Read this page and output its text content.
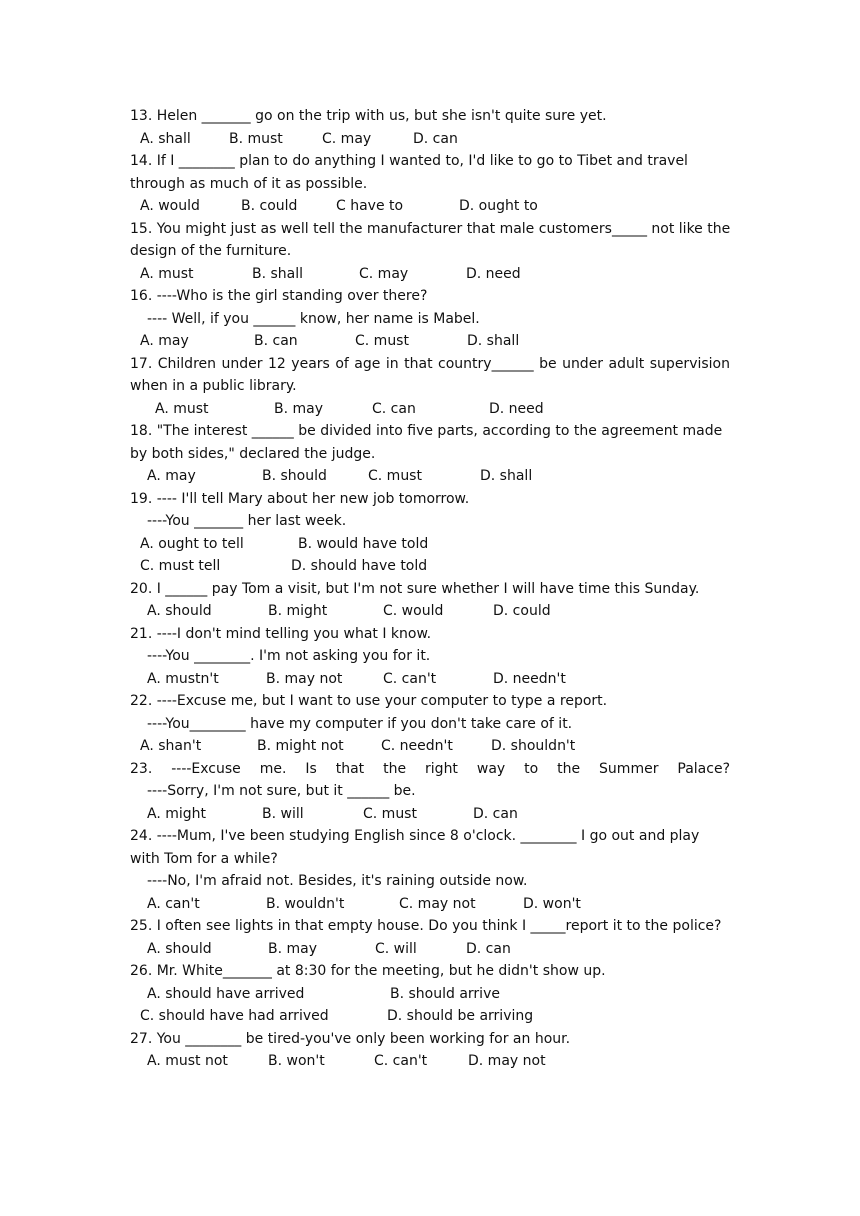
13. Helen _______ go on the trip with us, but she isn't quite sure yet.
A. shall	B. must	C. may	D. can
14. If I ________ plan to do anything I wanted to, I'd like to go to Tibet and travel
through as much of it as possible.
A. would	B. could	C have to	D. ought to
15. You might just as well tell the manufacturer that male customers_____ not like the
design of the furniture.
A. must	B. shall	C. may	D. need
16. ----Who is the girl standing over there?
---- Well, if you ______ know, her name is Mabel.
A. may	B. can	C. must	D. shall
17. Children under 12 years of age in that country______ be under adult supervision
when in a public library.
A. must	B. may	C. can	D. need
18. "The interest ______ be divided into five parts, according to the agreement made
by both sides," declared the judge.
A. may	B. should	C. must	D. shall
19. ---- I'll tell Mary about her new job tomorrow.
----You _______ her last week.
A. ought to tell	B. would have told
C. must tell	D. should have told
20. I ______ pay Tom a visit, but I'm not sure whether I will have time this Sunday.
A. should	B. might	C. would	D. could
21. ----I don't mind telling you what I know.
----You ________. I'm not asking you for it.
A. mustn't	B. may not	C. can't	D. needn't
22. ----Excuse me, but I want to use your computer to type a report.
----You________ have my computer if you don't take care of it.
A. shan't	B. might not	C. needn't	D. shouldn't
23. ----Excuse me. Is that the right way to the Summer Palace?
----Sorry, I'm not sure, but it ______ be.
A. might	B. will	C. must	D. can
24. ----Mum, I've been studying English since 8 o'clock. ________ I go out and play
with Tom for a while?
----No, I'm afraid not. Besides, it's raining outside now.
A. can't	B. wouldn't	C. may not	D. won't
25. I often see lights in that empty house. Do you think I _____report it to the police?
A. should	B. may	C. will	D. can
26. Mr. White_______ at 8:30 for the meeting, but he didn't show up.
A. should have arrived	B. should arrive
C. should have had arrived	D. should be arriving
27. You ________ be tired-you've only been working for an hour.
A. must not	B. won't	C. can't	D. may not
